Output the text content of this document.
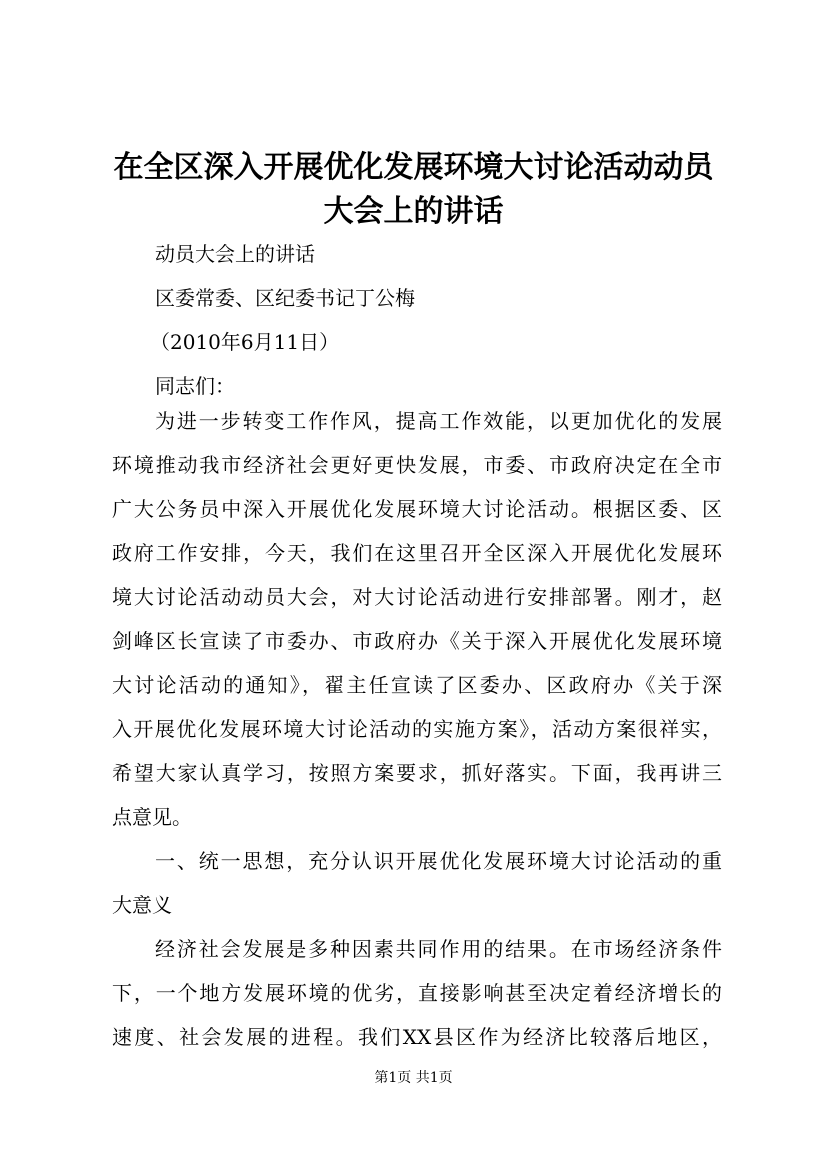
在全区深入开展优化发展环境大讨论活动动员
大会上的讲话

动员大会上的讲话

区委常委、区纪委书记丁公梅

（2010年6月11日）

同志们：

为进一步转变工作作风，提高工作效能，以更加优化的发展

环境推动我市经济社会更好更快发展，市委、市政府决定在全市

广大公务员中深入开展优化发展环境大讨论活动。根据区委、区

政府工作安排，今天，我们在这里召开全区深入开展优化发展环

境大讨论活动动员大会，对大讨论活动进行安排部署。刚才，赵

剑峰区长宣读了市委办、市政府办《关于深入开展优化发展环境

大讨论活动的通知》，翟主任宣读了区委办、区政府办《关于深

入开展优化发展环境大讨论活动的实施方案》，活动方案很祥实，

希望大家认真学习，按照方案要求，抓好落实。下面，我再讲三

点意见。

一、统一思想，充分认识开展优化发展环境大讨论活动的重

大意义

经济社会发展是多种因素共同作用的结果。在市场经济条件

下，一个地方发展环境的优劣，直接影响甚至决定着经济增长的

速度、社会发展的进程。我们XX县区作为经济比较落后地区，

第1页 共1页
